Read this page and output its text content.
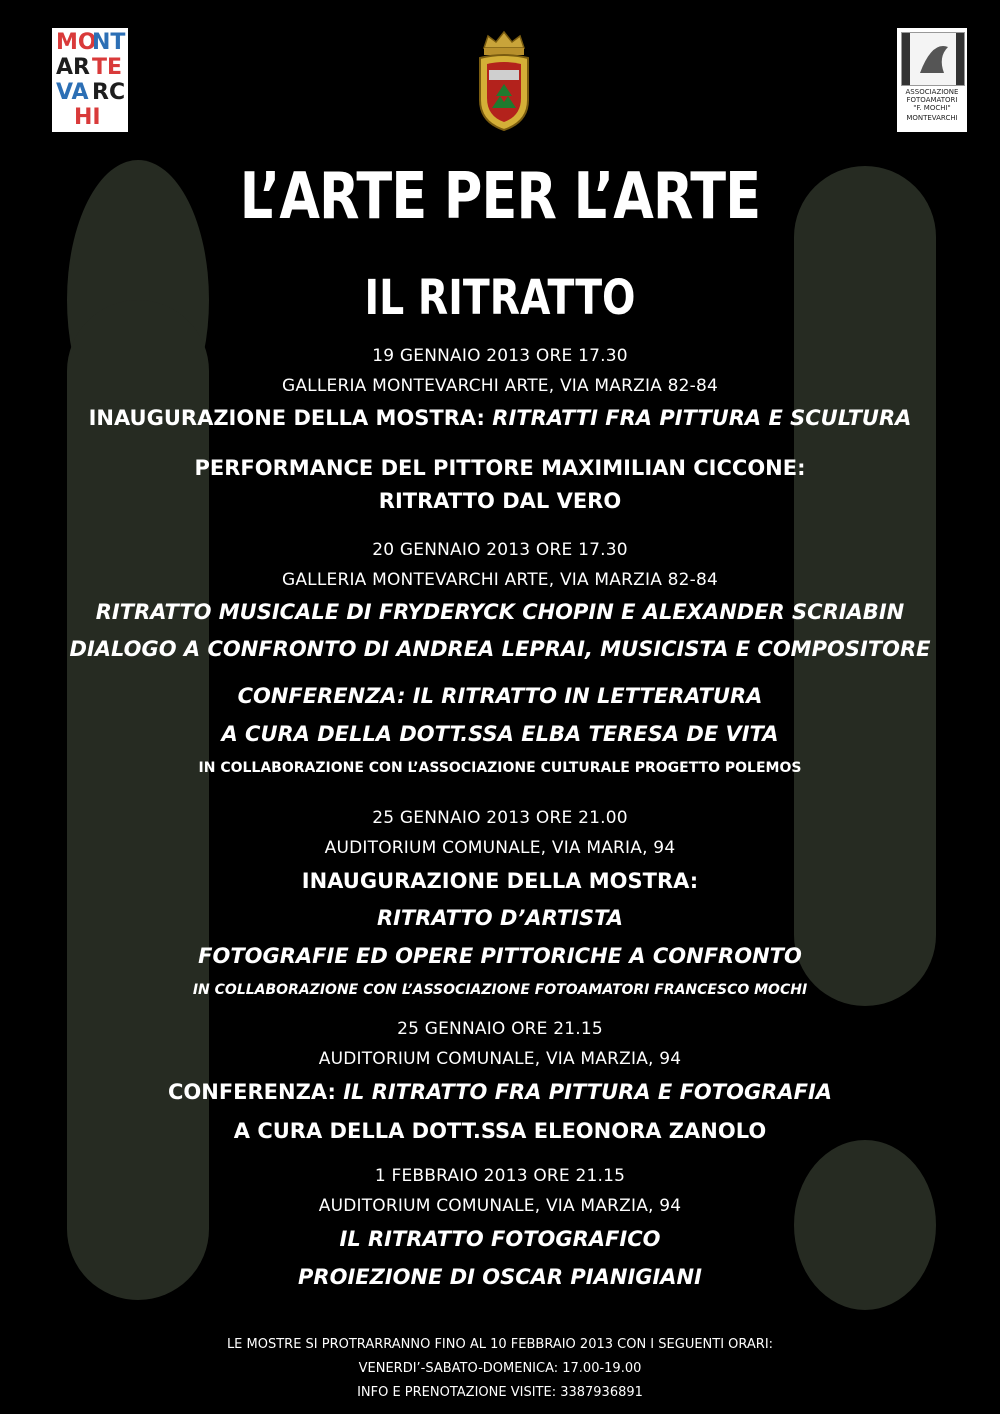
MO
NT
AR TE
VA RC
HI
ASSOCIAZIONE
FOTOAMATORI
"F. MOCHI"
MONTEVARCHI
L’ARTE PER L’ARTE
IL RITRATTO
19 GENNAIO 2013 ORE 17.30
GALLERIA MONTEVARCHI ARTE, VIA MARZIA 82-84
INAUGURAZIONE DELLA MOSTRA: RITRATTI FRA PITTURA E SCULTURA
PERFORMANCE DEL PITTORE MAXIMILIAN CICCONE:
RITRATTO DAL VERO
20 GENNAIO 2013 ORE 17.30
GALLERIA MONTEVARCHI ARTE, VIA MARZIA 82-84
RITRATTO MUSICALE DI FRYDERYCK CHOPIN E ALEXANDER SCRIABIN
DIALOGO A CONFRONTO DI ANDREA LEPRAI, MUSICISTA E COMPOSITORE
CONFERENZA: IL RITRATTO IN LETTERATURA
A CURA DELLA DOTT.SSA ELBA TERESA DE VITA
IN COLLABORAZIONE CON L’ASSOCIAZIONE CULTURALE PROGETTO POLEMOS
25 GENNAIO 2013 ORE 21.00
AUDITORIUM COMUNALE, VIA MARIA, 94
INAUGURAZIONE DELLA MOSTRA:
RITRATTO D’ARTISTA
FOTOGRAFIE ED OPERE PITTORICHE A CONFRONTO
IN COLLABORAZIONE CON L’ASSOCIAZIONE FOTOAMATORI FRANCESCO MOCHI
25 GENNAIO ORE 21.15
AUDITORIUM COMUNALE, VIA MARZIA, 94
CONFERENZA: IL RITRATTO FRA PITTURA E FOTOGRAFIA
A CURA DELLA DOTT.SSA ELEONORA ZANOLO
1 FEBBRAIO 2013 ORE 21.15
AUDITORIUM COMUNALE, VIA MARZIA, 94
IL RITRATTO FOTOGRAFICO
PROIEZIONE DI OSCAR PIANIGIANI
LE MOSTRE SI PROTRARRANNO FINO AL 10 FEBBRAIO 2013 CON I SEGUENTI ORARI:
VENERDI’-SABATO-DOMENICA: 17.00-19.00
INFO E PRENOTAZIONE VISITE: 3387936891
